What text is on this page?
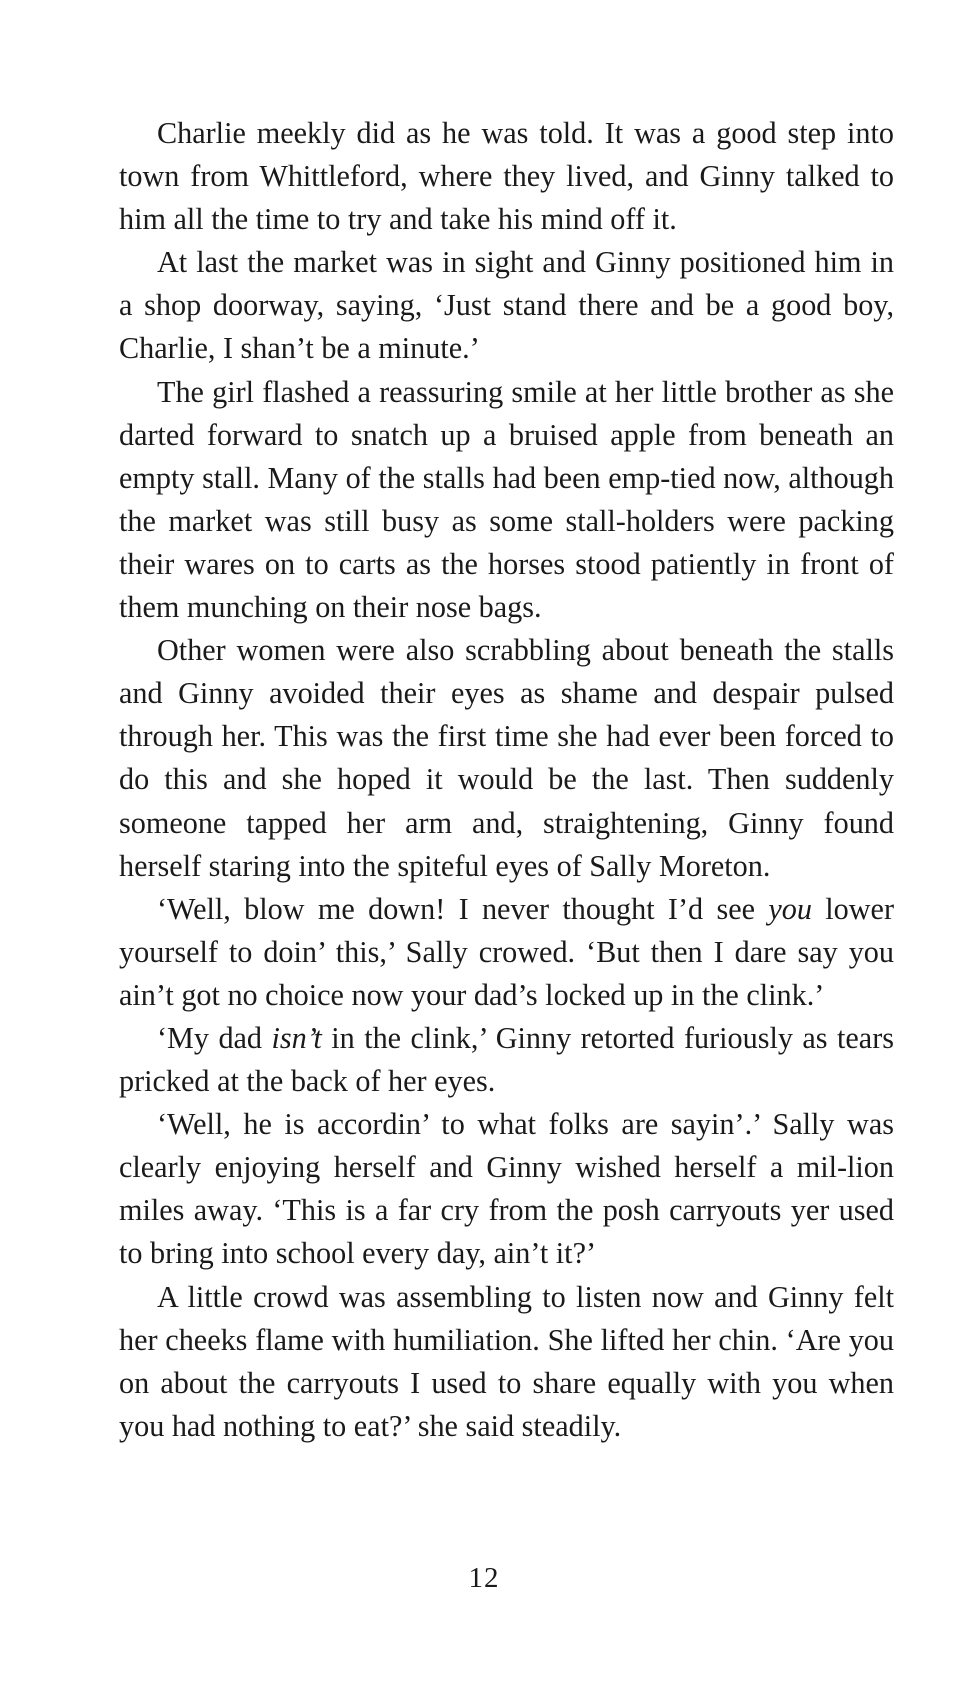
Charlie meekly did as he was told. It was a good step into town from Whittleford, where they lived, and Ginny talked to him all the time to try and take his mind off it.

At last the market was in sight and Ginny positioned him in a shop doorway, saying, ‘Just stand there and be a good boy, Charlie, I shan’t be a minute.’

The girl flashed a reassuring smile at her little brother as she darted forward to snatch up a bruised apple from beneath an empty stall. Many of the stalls had been emp-​tied now, although the market was still busy as some stall-holders were packing their wares on to carts as the horses stood patiently in front of them munching on their nose bags.

Other women were also scrabbling about beneath the stalls and Ginny avoided their eyes as shame and despair pulsed through her. This was the first time she had ever been forced to do this and she hoped it would be the last. Then suddenly someone tapped her arm and, straightening, Ginny found herself staring into the spiteful eyes of Sally Moreton.

‘Well, blow me down! I never thought I’d see you lower yourself to doin’ this,’ Sally crowed. ‘But then I dare say you ain’t got no choice now your dad’s locked up in the clink.’

‘My dad isn’t in the clink,’ Ginny retorted furiously as tears pricked at the back of her eyes.

‘Well, he is accordin’ to what folks are sayin’.’ Sally was clearly enjoying herself and Ginny wished herself a mil-​lion miles away. ‘This is a far cry from the posh carryouts yer used to bring into school every day, ain’t it?’

A little crowd was assembling to listen now and Ginny felt her cheeks flame with humiliation. She lifted her chin. ‘Are you on about the carryouts I used to share equally with you when you had nothing to eat?’ she said steadily.

12
